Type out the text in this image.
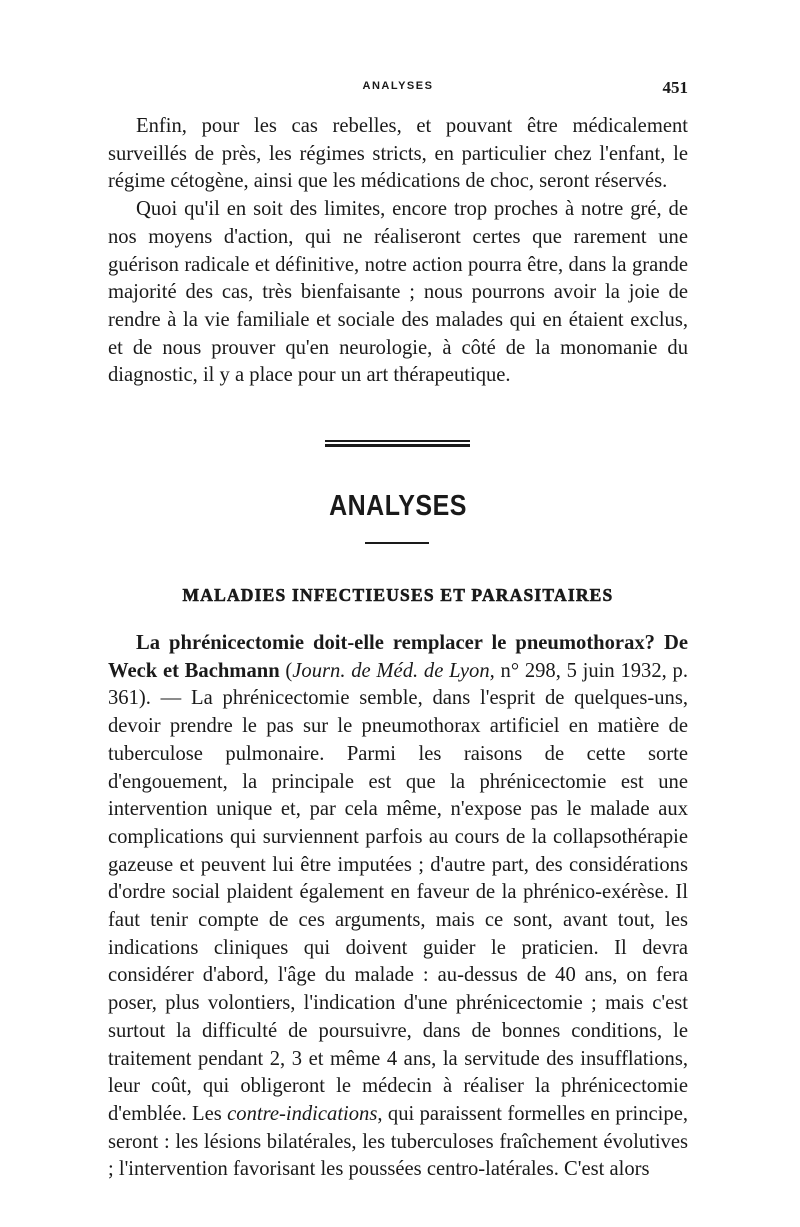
ANALYSES	451

Enfin, pour les cas rebelles, et pouvant être médicalement surveillés de près, les régimes stricts, en particulier chez l'enfant, le régime cétogène, ainsi que les médications de choc, seront réservés.

Quoi qu'il en soit des limites, encore trop proches à notre gré, de nos moyens d'action, qui ne réaliseront certes que rarement une guérison radicale et définitive, notre action pourra être, dans la grande majorité des cas, très bienfaisante ; nous pourrons avoir la joie de rendre à la vie familiale et sociale des malades qui en étaient exclus, et de nous prouver qu'en neurologie, à côté de la monomanie du diagnostic, il y a place pour un art thérapeutique.

ANALYSES
MALADIES INFECTIEUSES ET PARASITAIRES

La phrénicectomie doit-elle remplacer le pneumothorax? De Weck et Bachmann (Journ. de Méd. de Lyon, n° 298, 5 juin 1932, p. 361). — La phrénicectomie semble, dans l'esprit de quelques-uns, devoir prendre le pas sur le pneumothorax artificiel en matière de tuberculose pulmonaire. Parmi les raisons de cette sorte d'engouement, la principale est que la phrénicectomie est une intervention unique et, par cela même, n'expose pas le malade aux complications qui surviennent parfois au cours de la collapsothérapie gazeuse et peuvent lui être imputées ; d'autre part, des considérations d'ordre social plaident également en faveur de la phrénico-exérèse. Il faut tenir compte de ces arguments, mais ce sont, avant tout, les indications cliniques qui doivent guider le praticien. Il devra considérer d'abord, l'âge du malade : au-dessus de 40 ans, on fera poser, plus volontiers, l'indication d'une phrénicectomie ; mais c'est surtout la difficulté de poursuivre, dans de bonnes conditions, le traitement pendant 2, 3 et même 4 ans, la servitude des insufflations, leur coût, qui obligeront le médecin à réaliser la phrénicectomie d'emblée. Les contre-indications, qui paraissent formelles en principe, seront : les lésions bilatérales, les tuberculoses fraîchement évolutives ; l'intervention favorisant les poussées centro-latérales. C'est alors
